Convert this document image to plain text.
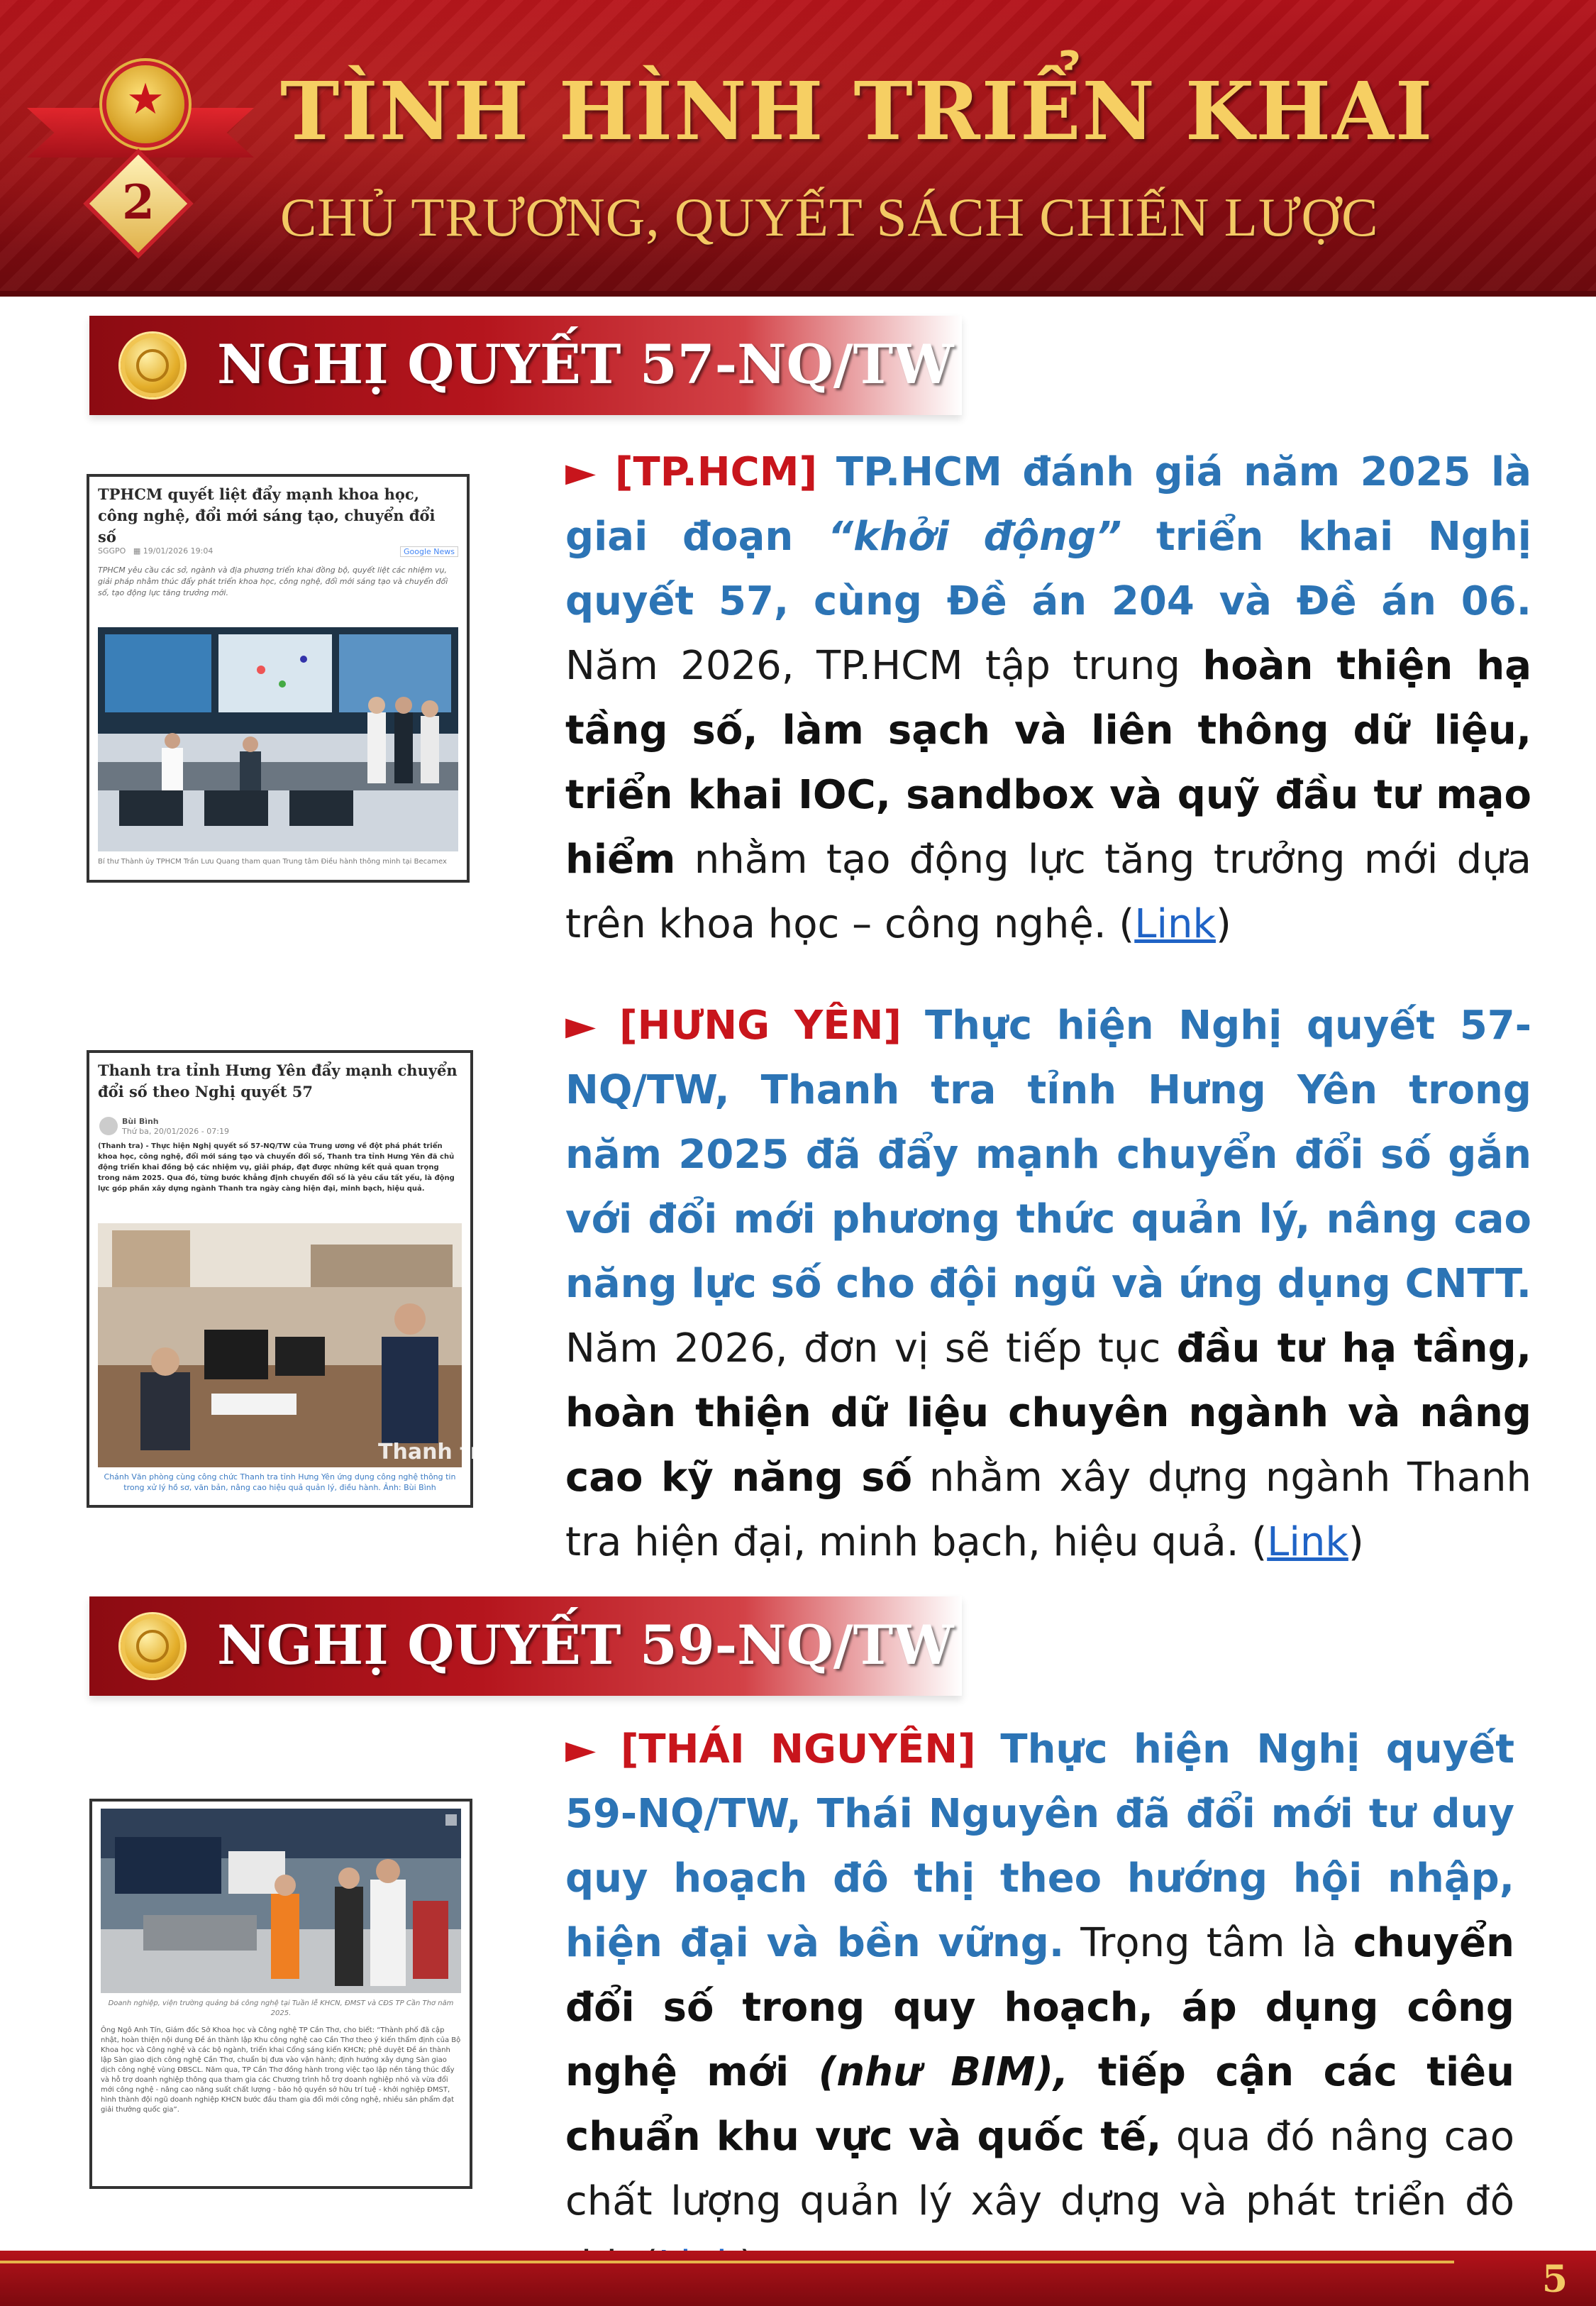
★
2
TÌNH HÌNH TRIỂN KHAI
CHỦ TRƯƠNG, QUYẾT SÁCH CHIẾN LƯỢC
NGHỊ QUYẾT 57-NQ/TW
TPHCM quyết liệt đẩy mạnh khoa học, công nghệ, đổi mới sáng tạo, chuyển đổi số
SGGPO ▦ 19/01/2026 19:04	Google News
TPHCM yêu cầu các sở, ngành và địa phương triển khai đồng bộ, quyết liệt các nhiệm vụ, giải pháp nhằm thúc đẩy phát triển khoa học, công nghệ, đổi mới sáng tạo và chuyển đổi số, tạo động lực tăng trưởng mới.
Bí thư Thành ủy TPHCM Trần Lưu Quang tham quan Trung tâm Điều hành thông minh tại Becamex
► [TP.HCM] TP.HCM đánh giá năm 2025 là giai đoạn “khởi động” triển khai Nghị quyết 57, cùng Đề án 204 và Đề án 06. Năm 2026, TP.HCM tập trung hoàn thiện hạ tầng số, làm sạch và liên thông dữ liệu, triển khai IOC, sandbox và quỹ đầu tư mạo hiểm nhằm tạo động lực tăng trưởng mới dựa trên khoa học – công nghệ. (Link)
Thanh tra tỉnh Hưng Yên đẩy mạnh chuyển đổi số theo Nghị quyết 57
Bùi Bình
Thứ ba, 20/01/2026 - 07:19
(Thanh tra) - Thực hiện Nghị quyết số 57-NQ/TW của Trung ương về đột phá phát triển khoa học, công nghệ, đổi mới sáng tạo và chuyển đổi số, Thanh tra tỉnh Hưng Yên đã chủ động triển khai đồng bộ các nhiệm vụ, giải pháp, đạt được những kết quả quan trọng trong năm 2025. Qua đó, từng bước khẳng định chuyển đổi số là yêu cầu tất yếu, là động lực góp phần xây dựng ngành Thanh tra ngày càng hiện đại, minh bạch, hiệu quả.
Thanh tra
Chánh Văn phòng cùng công chức Thanh tra tỉnh Hưng Yên ứng dụng công nghệ thông tin trong xử lý hồ sơ, văn bản, nâng cao hiệu quả quản lý, điều hành. Ảnh: Bùi Bình
► [HƯNG YÊN] Thực hiện Nghị quyết 57-NQ/TW, Thanh tra tỉnh Hưng Yên trong năm 2025 đã đẩy mạnh chuyển đổi số gắn với đổi mới phương thức quản lý, nâng cao năng lực số cho đội ngũ và ứng dụng CNTT. Năm 2026, đơn vị sẽ tiếp tục đầu tư hạ tầng, hoàn thiện dữ liệu chuyên ngành và nâng cao kỹ năng số nhằm xây dựng ngành Thanh tra hiện đại, minh bạch, hiệu quả. (Link)
NGHỊ QUYẾT 59-NQ/TW
Doanh nghiệp, viện trường quảng bá công nghệ tại Tuần lễ KHCN, ĐMST và CĐS TP Cần Thơ năm 2025.
Ông Ngô Anh Tín, Giám đốc Sở Khoa học và Công nghệ TP Cần Thơ, cho biết: “Thành phố đã cập nhật, hoàn thiện nội dung Đề án thành lập Khu công nghệ cao Cần Thơ theo ý kiến thẩm định của Bộ Khoa học và Công nghệ và các bộ ngành, triển khai Cổng sáng kiến KHCN; phê duyệt Đề án thành lập Sàn giao dịch công nghệ Cần Thơ, chuẩn bị đưa vào vận hành; định hướng xây dựng Sàn giao dịch công nghệ vùng ĐBSCL. Năm qua, TP Cần Thơ đồng hành trong việc tạo lập nền tảng thúc đẩy và hỗ trợ doanh nghiệp thông qua tham gia các Chương trình hỗ trợ doanh nghiệp nhỏ và vừa đổi mới công nghệ - nâng cao năng suất chất lượng - bảo hộ quyền sở hữu trí tuệ - khởi nghiệp ĐMST, hình thành đội ngũ doanh nghiệp KHCN bước đầu tham gia đổi mới công nghệ, nhiều sản phẩm đạt giải thưởng quốc gia”.
► [THÁI NGUYÊN] Thực hiện Nghị quyết 59-NQ/TW, Thái Nguyên đã đổi mới tư duy quy hoạch đô thị theo hướng hội nhập, hiện đại và bền vững. Trọng tâm là chuyển đổi số trong quy hoạch, áp dụng công nghệ mới (như BIM), tiếp cận các tiêu chuẩn khu vực và quốc tế, qua đó nâng cao chất lượng quản lý xây dựng và phát triển đô
5
